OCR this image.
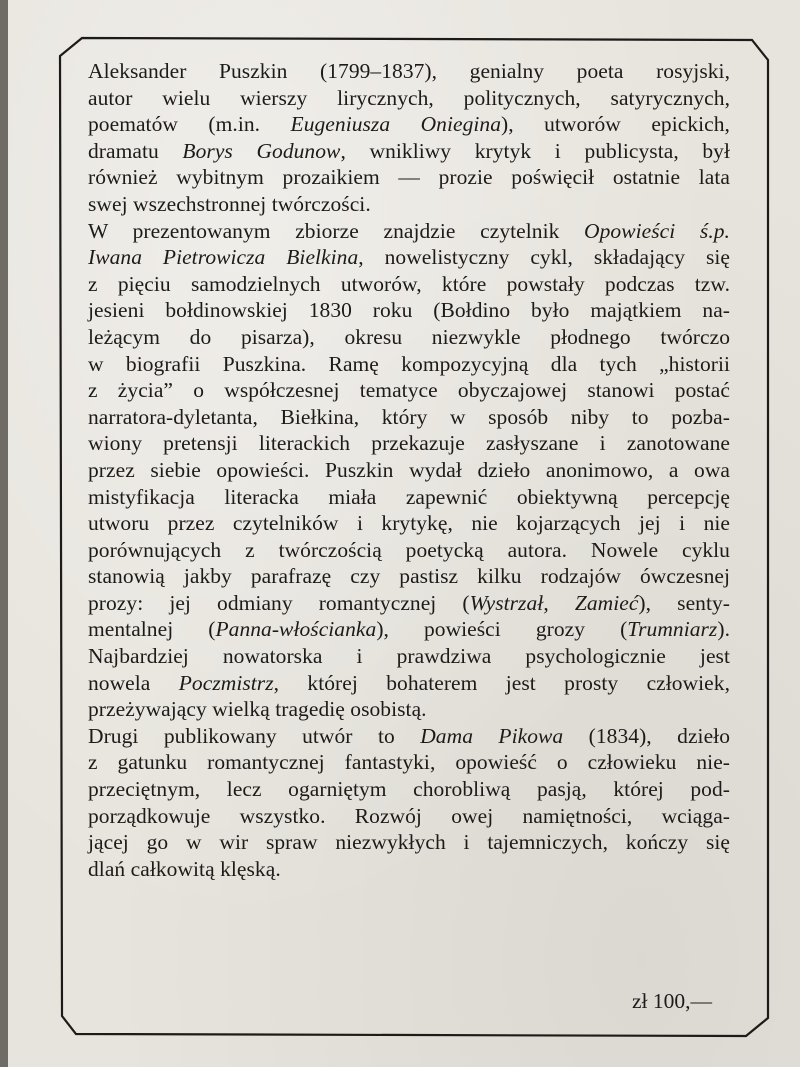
Aleksander Puszkin (1799–1837), genialny poeta rosyjski,
autor wielu wierszy lirycznych, politycznych, satyrycznych,
poematów (m.in. Eugeniusza Oniegina), utworów epickich,
dramatu Borys Godunow, wnikliwy krytyk i publicysta, był
również wybitnym prozaikiem — prozie poświęcił ostatnie lata
swej wszechstronnej twórczości.
W prezentowanym zbiorze znajdzie czytelnik Opowieści ś.p.
Iwana Pietrowicza Bielkina, nowelistyczny cykl, składający się
z pięciu samodzielnych utworów, które powstały podczas tzw.
jesieni bołdinowskiej 1830 roku (Bołdino było majątkiem na-
leżącym do pisarza), okresu niezwykle płodnego twórczo
w biografii Puszkina. Ramę kompozycyjną dla tych „historii
z życia” o współczesnej tematyce obyczajowej stanowi postać
narratora-dyletanta, Biełkina, który w sposób niby to pozba-
wiony pretensji literackich przekazuje zasłyszane i zanotowane
przez siebie opowieści. Puszkin wydał dzieło anonimowo, a owa
mistyfikacja literacka miała zapewnić obiektywną percepcję
utworu przez czytelników i krytykę, nie kojarzących jej i nie
porównujących z twórczością poetycką autora. Nowele cyklu
stanowią jakby parafrazę czy pastisz kilku rodzajów ówczesnej
prozy: jej odmiany romantycznej (Wystrzał, Zamieć), senty-
mentalnej (Panna-włościanka), powieści grozy (Trumniarz).
Najbardziej nowatorska i prawdziwa psychologicznie jest
nowela Poczmistrz, której bohaterem jest prosty człowiek,
przeżywający wielką tragedię osobistą.
Drugi publikowany utwór to Dama Pikowa (1834), dzieło
z gatunku romantycznej fantastyki, opowieść o człowieku nie-
przeciętnym, lecz ogarniętym chorobliwą pasją, której pod-
porządkowuje wszystko. Rozwój owej namiętności, wciąga-
jącej go w wir spraw niezwykłych i tajemniczych, kończy się
dlań całkowitą klęską.
zł 100,—
